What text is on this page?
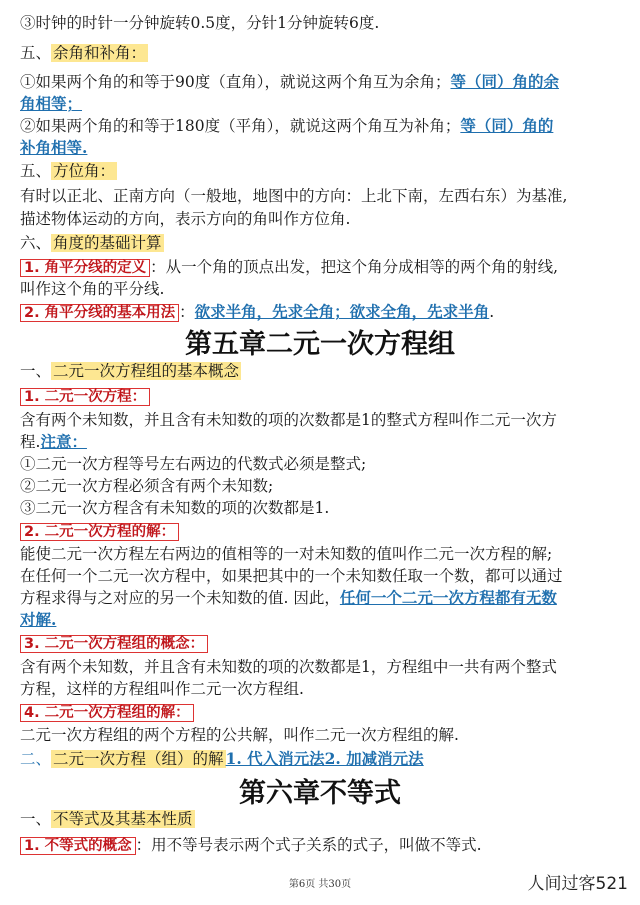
③时钟的时针一分钟旋转0.5度，分针1分钟旋转6度.
五、 余角和补角：
①如果两个角的和等于90度（直角），就说这两个角互为余角；等（同）角的余
角相等；
②如果两个角的和等于180度（平角），就说这两个角互为补角；等（同）角的
补角相等.
五、 方位角：
有时以正北、正南方向（一般地，地图中的方向：上北下南，左西右东）为基准,
描述物体运动的方向，表示方向的角叫作方位角.
六、 角度的基础计算
1. 角平分线的定义 ：从一个角的顶点出发，把这个角分成相等的两个角的射线,
叫作这个角的平分线.
2. 角平分线的基本用法 ：欲求半角，先求全角；欲求全角，先求半角.
第五章二元一次方程组
一、 二元一次方程组的基本概念
1. 二元一次方程：
含有两个未知数，并且含有未知数的项的次数都是1的整式方程叫作二元一次方
程.注意：
①二元一次方程等号左右两边的代数式必须是整式;
②二元一次方程必须含有两个未知数;
③二元一次方程含有未知数的项的次数都是1.
2. 二元一次方程的解：
能使二元一次方程左右两边的值相等的一对未知数的值叫作二元一次方程的解;
在任何一个二元一次方程中，如果把其中的一个未知数任取一个数，都可以通过
方程求得与之对应的另一个未知数的值. 因此，任何一个二元一次方程都有无数
对解.
3. 二元一次方程组的概念：
含有两个未知数，并且含有未知数的项的次数都是1，方程组中一共有两个整式
方程，这样的方程组叫作二元一次方程组.
4. 二元一次方程组的解：
二元一次方程组的两个方程的公共解，叫作二元一次方程组的解.
二、 二元一次方程（组）的解 1. 代入消元法2. 加减消元法
第六章不等式
一、 不等式及其基本性质
1. 不等式的概念 ：用不等号表示两个式子关系的式子，叫做不等式.
第6页 共30页	人间过客521
